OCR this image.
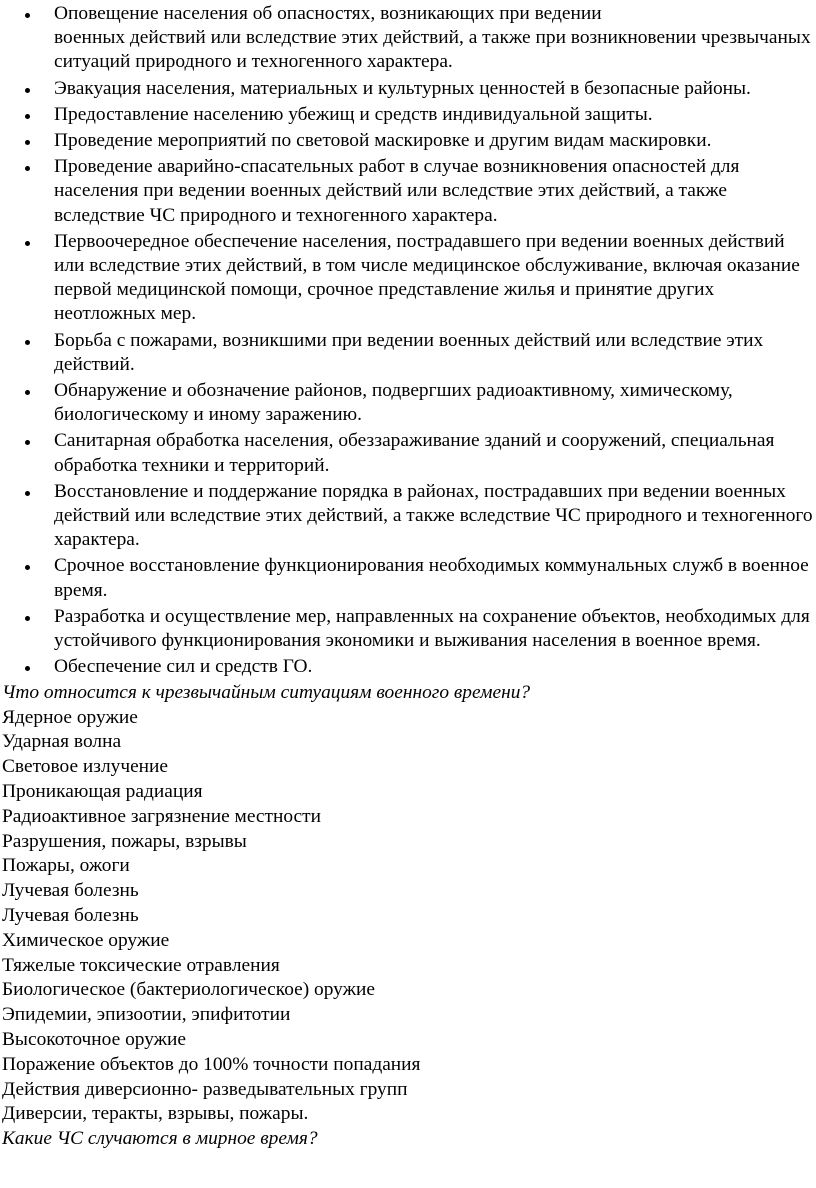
Оповещение населения об опасностях, возникающих при ведении
военных действий или вследствие этих действий, а также при возникновении чрезвычаных ситуаций природного и техногенного характера.
Эвакуация населения, материальных и культурных ценностей в безопасные районы.
Предоставление населению убежищ и средств индивидуальной защиты.
Проведение мероприятий по световой маскировке и другим видам маскировки.
Проведение аварийно-спасательных работ в случае возникновения опасностей для населения при ведении военных действий или вследствие этих действий, а также вследствие ЧС природного и техногенного характера.
Первоочередное обеспечение населения, пострадавшего при ведении военных действий или вследствие этих действий, в том числе медицинское обслуживание, включая оказание первой медицинской помощи, срочное представление жилья и принятие других неотложных мер.
Борьба с пожарами, возникшими при ведении военных действий или вследствие этих действий.
Обнаружение и обозначение районов, подвергших радиоактивному, химическому, биологическому и иному заражению.
Санитарная обработка населения, обеззараживание зданий и сооружений, специальная обработка техники и территорий.
Восстановление и поддержание порядка в районах, пострадавших при ведении военных действий или вследствие этих действий, а также вследствие ЧС природного и техногенного характера.
Срочное восстановление функционирования необходимых коммунальных служб в военное время.
Разработка и осуществление мер, направленных на сохранение объектов, необходимых для устойчивого функционирования экономики и выживания населения в военное время.
Обеспечение сил и средств ГО.

Что относится к чрезвычайным ситуациям военного времени?

Ядерное оружие
Ударная волна
Световое излучение
Проникающая радиация
Радиоактивное загрязнение местности
Разрушения, пожары, взрывы
Пожары, ожоги
Лучевая болезнь
Лучевая болезнь
Химическое оружие
Тяжелые токсические отравления
Биологическое (бактериологическое) оружие
Эпидемии, эпизоотии, эпифитотии
Высокоточное оружие
Поражение объектов до 100% точности попадания
Действия диверсионно- разведывательных групп
Диверсии, теракты, взрывы, пожары.

Какие ЧС случаются в мирное время?
